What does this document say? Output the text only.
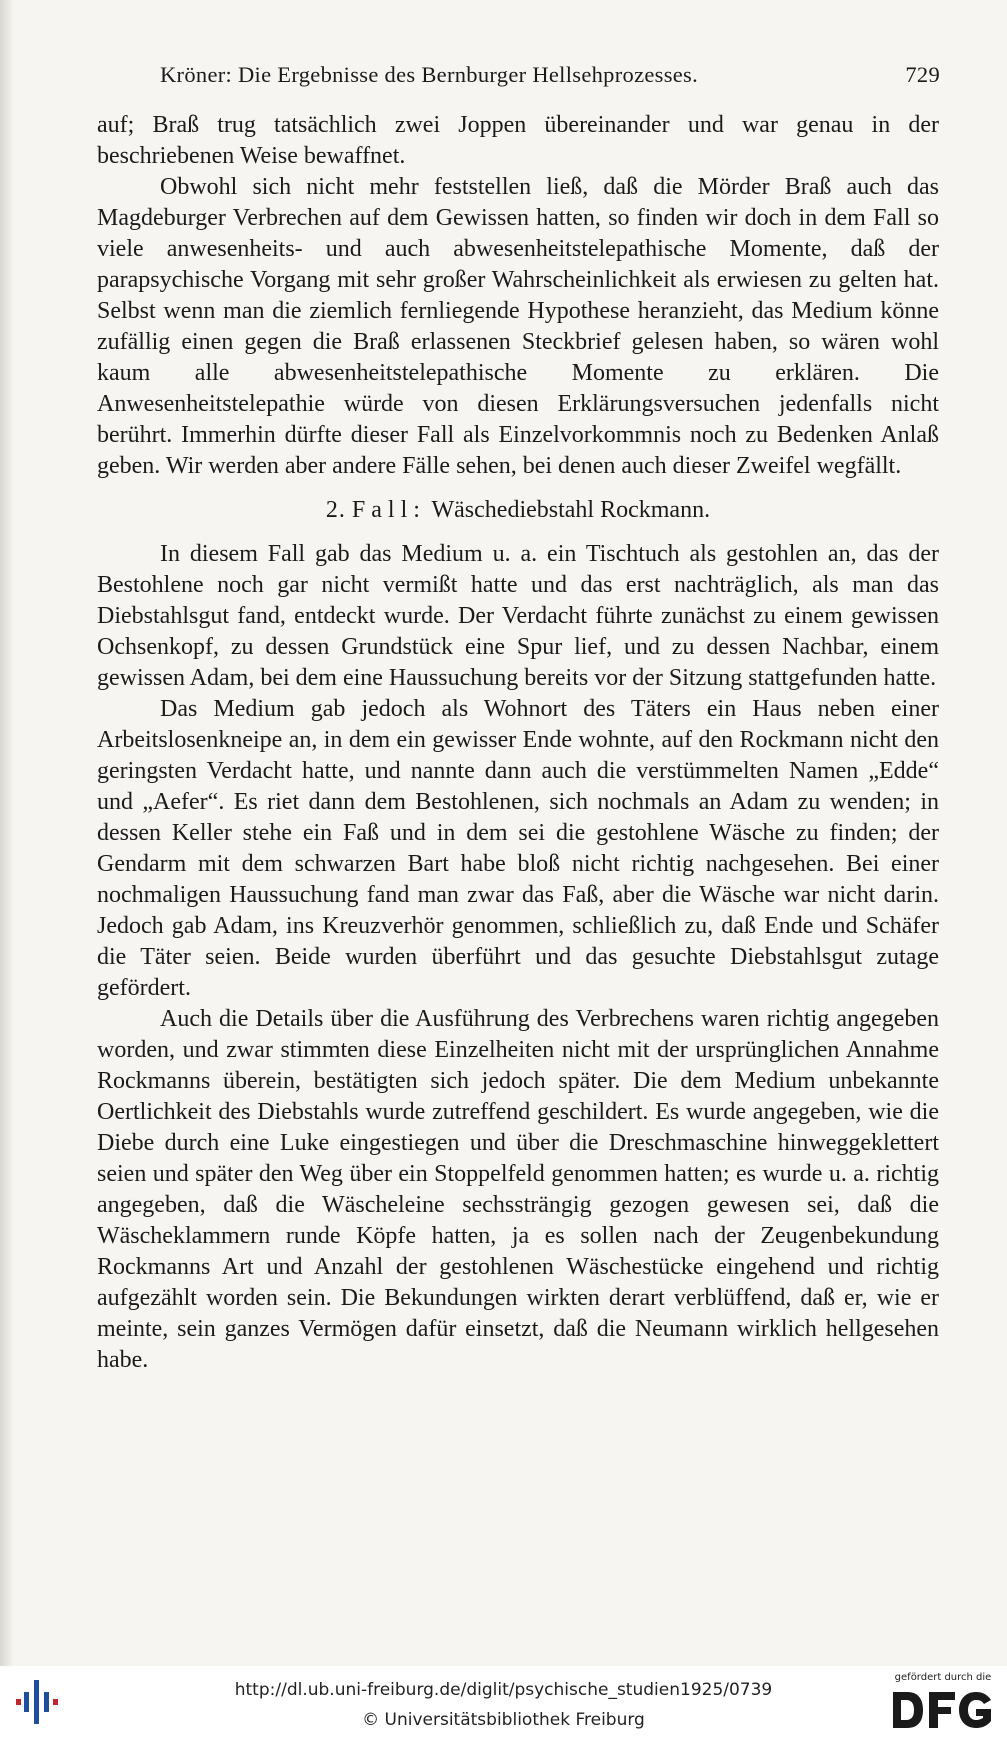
Kröner: Die Ergebnisse des Bernburger Hellsehprozesses.	729

auf; Braß trug tatsächlich zwei Joppen übereinander und war genau in der beschriebenen Weise bewaffnet.

Obwohl sich nicht mehr feststellen ließ, daß die Mörder Braß auch das Magdeburger Verbrechen auf dem Gewissen hatten, so finden wir doch in dem Fall so viele anwesenheits- und auch abwesenheitstelepathische Momente, daß der parapsychische Vorgang mit sehr großer Wahrscheinlichkeit als erwiesen zu gelten hat. Selbst wenn man die ziemlich fernliegende Hypothese heranzieht, das Medium könne zufällig einen gegen die Braß erlassenen Steckbrief gelesen haben, so wären wohl kaum alle abwesenheitstelepathische Momente zu erklären. Die Anwesenheitstelepathie würde von diesen Erklärungsversuchen jedenfalls nicht berührt. Immerhin dürfte dieser Fall als Einzelvorkommnis noch zu Bedenken Anlaß geben. Wir werden aber andere Fälle sehen, bei denen auch dieser Zweifel wegfällt.

2. Fall: Wäschediebstahl Rockmann.

In diesem Fall gab das Medium u. a. ein Tischtuch als gestohlen an, das der Bestohlene noch gar nicht vermißt hatte und das erst nachträglich, als man das Diebstahlsgut fand, entdeckt wurde. Der Verdacht führte zunächst zu einem gewissen Ochsenkopf, zu dessen Grundstück eine Spur lief, und zu dessen Nachbar, einem gewissen Adam, bei dem eine Haussuchung bereits vor der Sitzung stattgefunden hatte.

Das Medium gab jedoch als Wohnort des Täters ein Haus neben einer Arbeitslosenkneipe an, in dem ein gewisser Ende wohnte, auf den Rockmann nicht den geringsten Verdacht hatte, und nannte dann auch die verstümmelten Namen „Edde“ und „Aefer“. Es riet dann dem Bestohlenen, sich nochmals an Adam zu wenden; in dessen Keller stehe ein Faß und in dem sei die gestohlene Wäsche zu finden; der Gendarm mit dem schwarzen Bart habe bloß nicht richtig nachgesehen. Bei einer nochmaligen Haussuchung fand man zwar das Faß, aber die Wäsche war nicht darin. Jedoch gab Adam, ins Kreuzverhör genommen, schließlich zu, daß Ende und Schäfer die Täter seien. Beide wurden überführt und das gesuchte Diebstahlsgut zutage gefördert.

Auch die Details über die Ausführung des Verbrechens waren richtig angegeben worden, und zwar stimmten diese Einzelheiten nicht mit der ursprünglichen Annahme Rockmanns überein, bestätigten sich jedoch später. Die dem Medium unbekannte Oertlichkeit des Diebstahls wurde zutreffend geschildert. Es wurde angegeben, wie die Diebe durch eine Luke eingestiegen und über die Dreschmaschine hinweggeklettert seien und später den Weg über ein Stoppelfeld genommen hatten; es wurde u. a. richtig angegeben, daß die Wäscheleine sechssträngig gezogen gewesen sei, daß die Wäscheklammern runde Köpfe hatten, ja es sollen nach der Zeugenbekundung Rockmanns Art und Anzahl der gestohlenen Wäschestücke eingehend und richtig aufgezählt worden sein. Die Bekundungen wirkten derart verblüffend, daß er, wie er meinte, sein ganzes Vermögen dafür einsetzt, daß die Neumann wirklich hellgesehen habe.

http://dl.ub.uni-freiburg.de/diglit/psychische_studien1925/0739
© Universitätsbibliothek Freiburg
gefördert durch die
